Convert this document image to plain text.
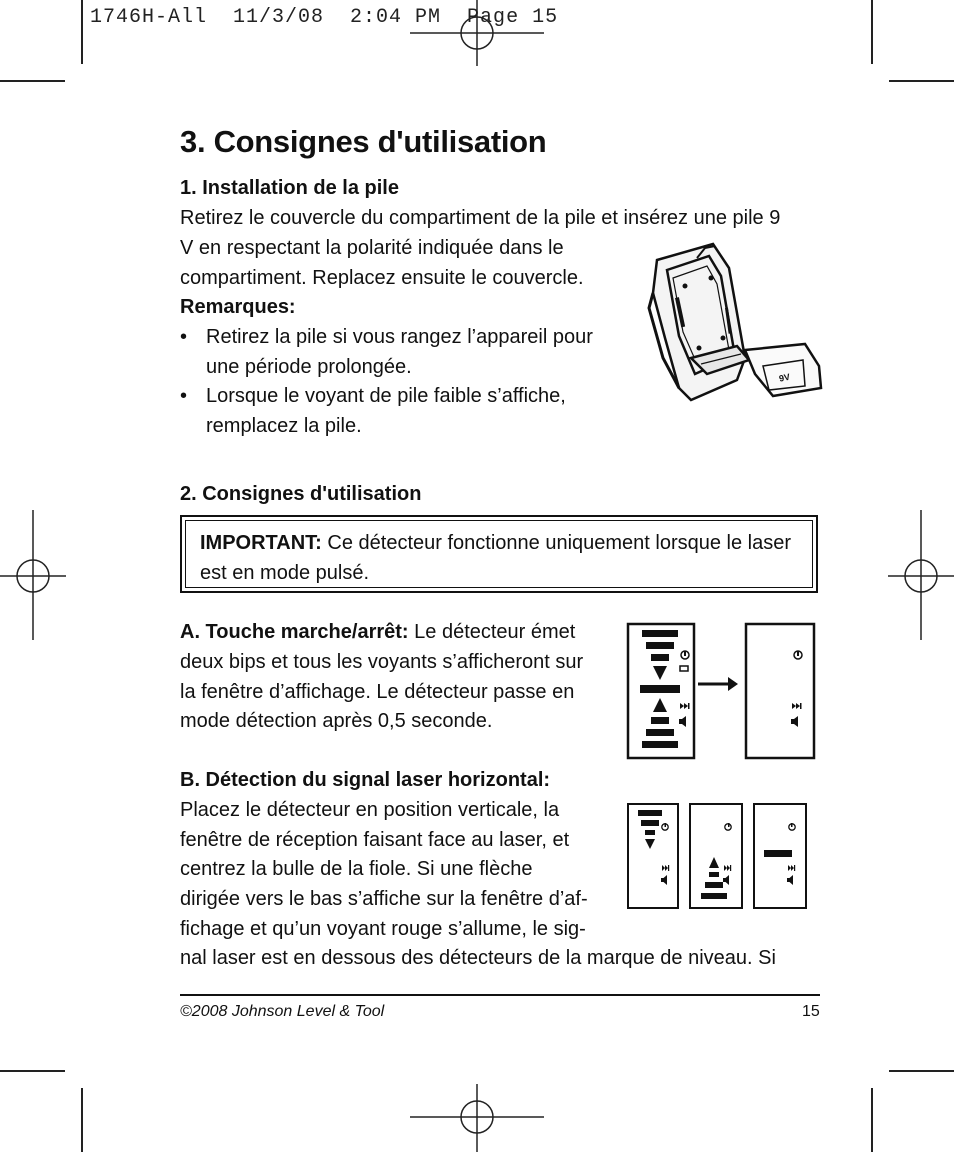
1746H-All  11/3/08  2:04 PM  Page 15
3. Consignes d'utilisation
1. Installation de la pile
Retirez le couvercle du compartiment de la pile et insérez une pile 9
V en respectant la polarité indiquée dans le
compartiment. Replacez ensuite le couvercle.
Remarques:
• Retirez la pile si vous rangez l’appareil pour
une période prolongée.
• Lorsque le voyant de pile faible s’affiche,
remplacez la pile.
9V
2. Consignes d'utilisation
IMPORTANT: Ce détecteur fonctionne uniquement lorsque le laser
est en mode pulsé.
A. Touche marche/arrêt: Le détecteur émet
deux bips et tous les voyants s’afficheront sur
la fenêtre d’affichage. Le détecteur passe en
mode détection après 0,5 seconde.
B. Détection du signal laser horizontal:
Placez le détecteur en position verticale, la
fenêtre de réception faisant face au laser, et
centrez la bulle de la fiole. Si une flèche
dirigée vers le bas s’affiche sur la fenêtre d’af-
fichage et qu’un voyant rouge s’allume, le sig-
nal laser est en dessous des détecteurs de la marque de niveau. Si
©2008 Johnson Level & Tool	15
